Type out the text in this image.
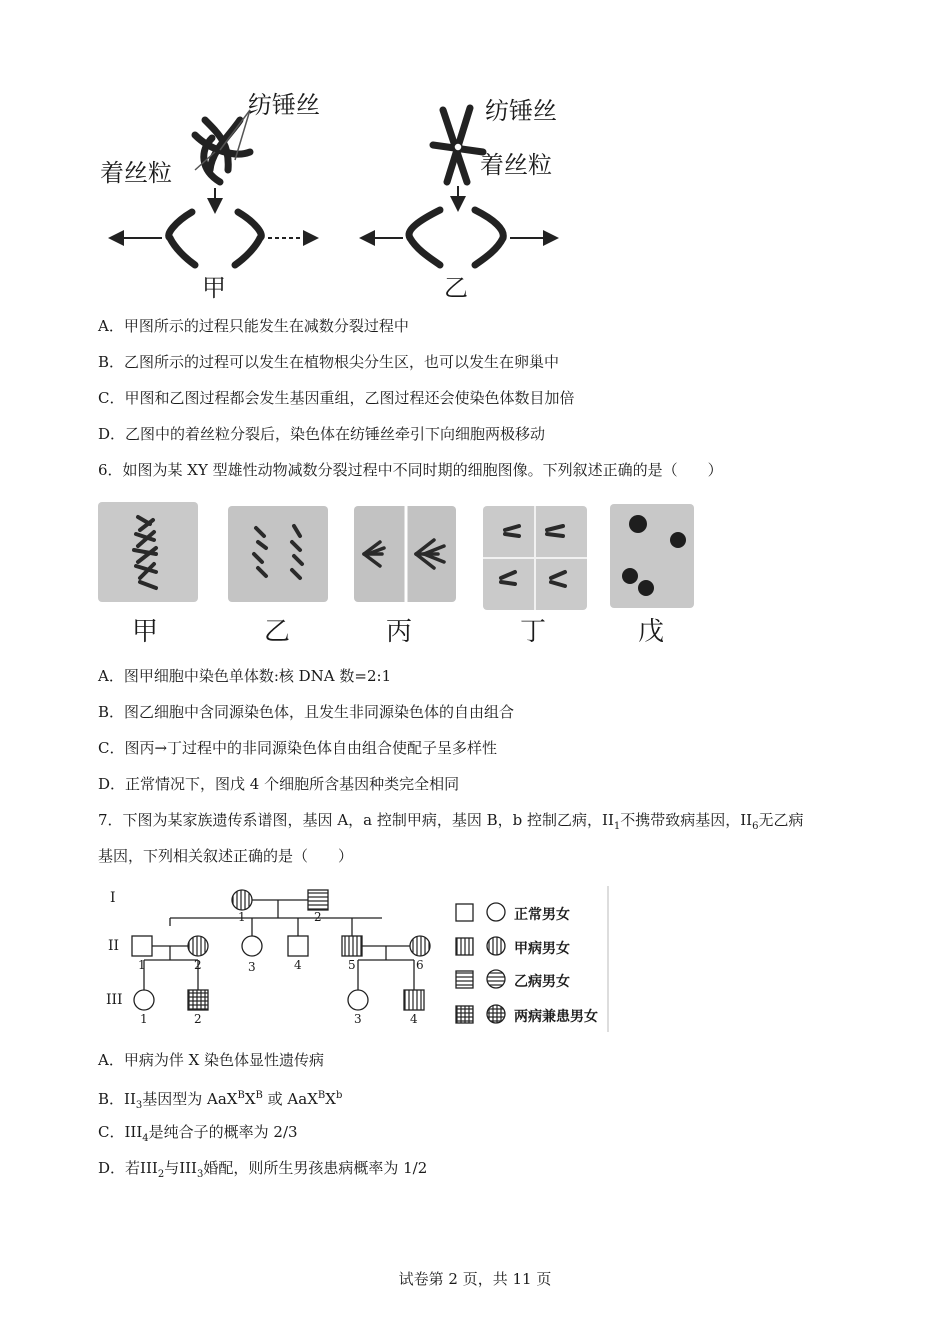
纺锤丝
着丝粒
甲
纺锤丝
着丝粒
乙
A．甲图所示的过程只能发生在减数分裂过程中
B．乙图所示的过程可以发生在植物根尖分生区，也可以发生在卵巢中
C．甲图和乙图过程都会发生基因重组，乙图过程还会使染色体数目加倍
D．乙图中的着丝粒分裂后，染色体在纺锤丝牵引下向细胞两极移动
6．如图为某 XY 型雄性动物减数分裂过程中不同时期的细胞图像。下列叙述正确的是（　　）
甲	乙	丙	丁	戊
A．图甲细胞中染色单体数:核 DNA 数=2:1
B．图乙细胞中含同源染色体，且发生非同源染色体的自由组合
C．图丙→丁过程中的非同源染色体自由组合使配子呈多样性
D．正常情况下，图戊 4 个细胞所含基因种类完全相同
7．下图为某家族遗传系谱图，基因 A，a 控制甲病，基因 B，b 控制乙病，$II_1$不携带致病基因，$II_6$无乙病
基因，下列相关叙述正确的是（　　）
I
II
III
1	2
1	2	3	4	5	6
1	2	3	4
正常男女
甲病男女
乙病男女
两病兼患男女
A．甲病为伴 X 染色体显性遗传病
B．$II_3$基因型为 $AaX^BX^B$ 或 $AaX^BX^b$
C．$III_4$是纯合子的概率为 2/3
D．若$III_2$与$III_3$婚配，则所生男孩患病概率为 1/2
试卷第 2 页，共 11 页
